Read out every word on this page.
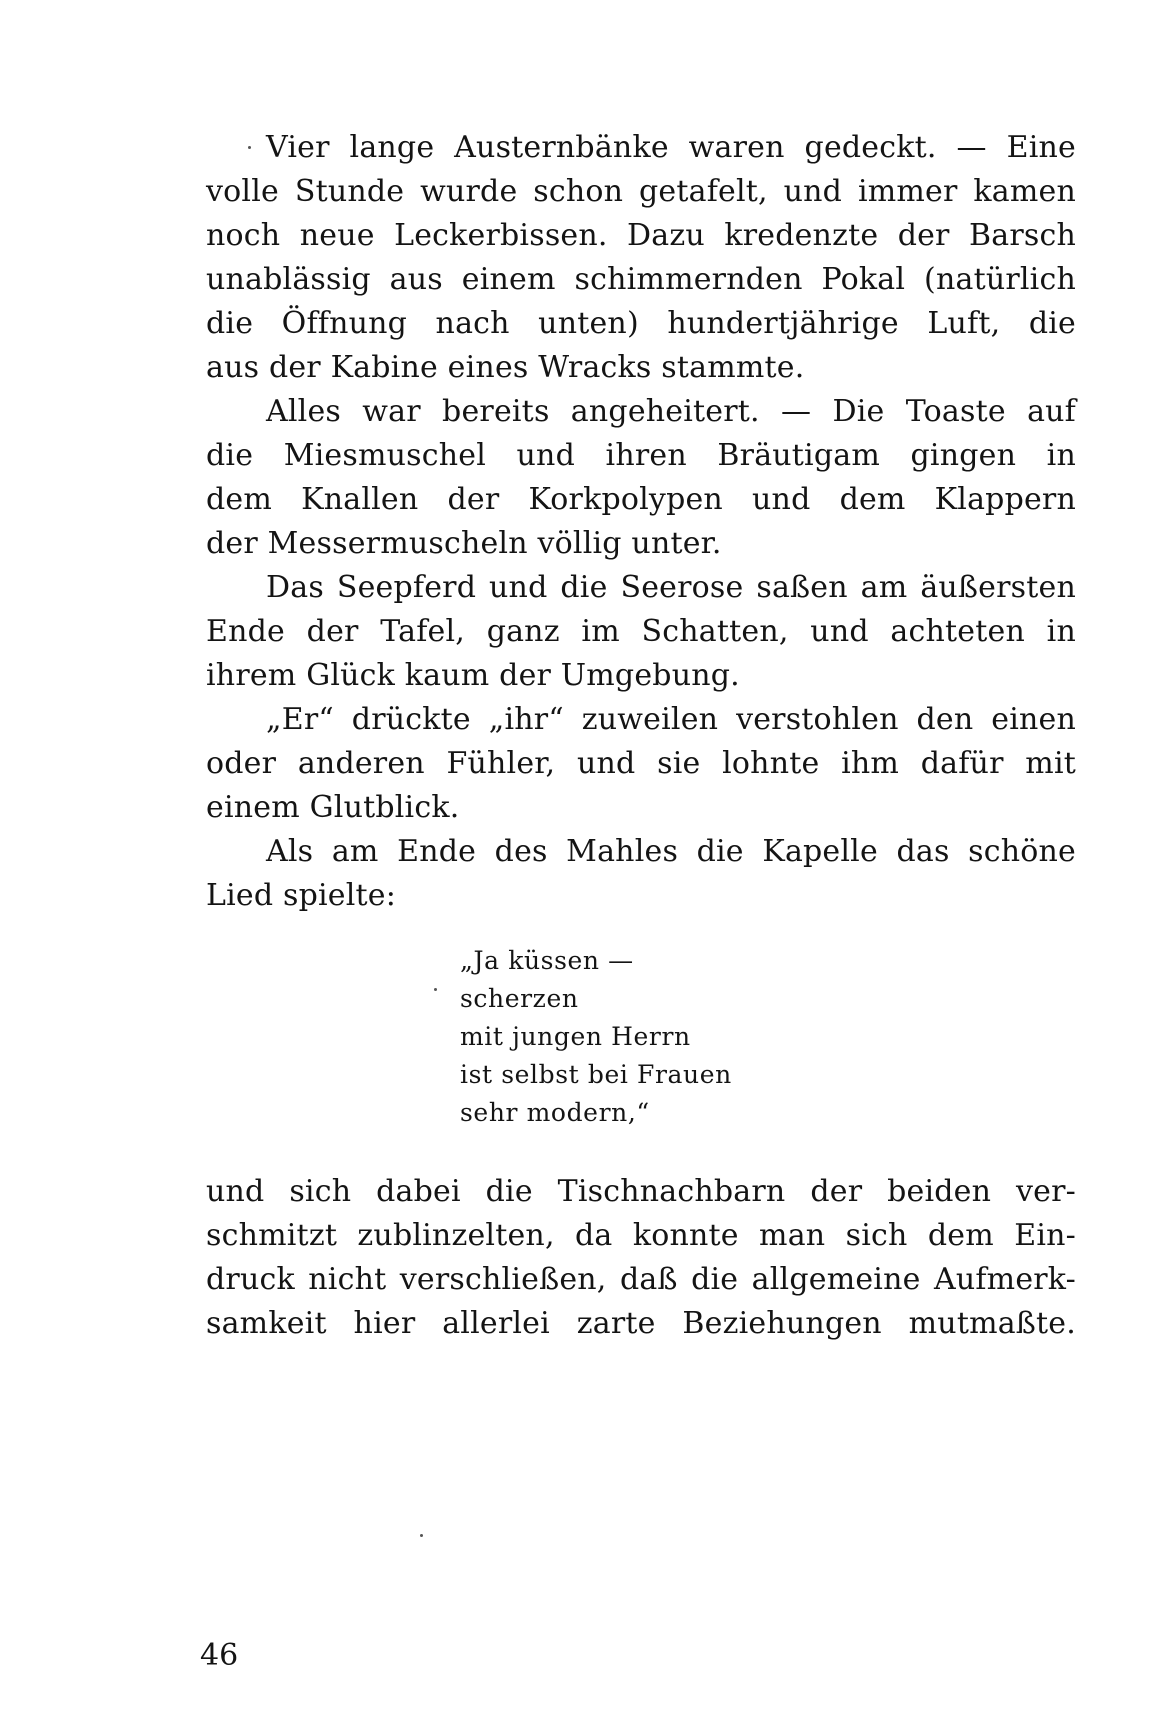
Vier lange Austernbänke waren gedeckt. — Eine
volle Stunde wurde schon getafelt, und immer kamen
noch neue Leckerbissen. Dazu kredenzte der Barsch
unablässig aus einem schimmernden Pokal (natürlich
die Öffnung nach unten) hundertjährige Luft, die
aus der Kabine eines Wracks stammte.
Alles war bereits angeheitert. — Die Toaste auf
die Miesmuschel und ihren Bräutigam gingen in
dem Knallen der Korkpolypen und dem Klappern
der Messermuscheln völlig unter.
Das Seepferd und die Seerose saßen am äußersten
Ende der Tafel, ganz im Schatten, und achteten in
ihrem Glück kaum der Umgebung.
„Er“ drückte „ihr“ zuweilen verstohlen den einen
oder anderen Fühler, und sie lohnte ihm dafür mit
einem Glutblick.
Als am Ende des Mahles die Kapelle das schöne
Lied spielte:
„Ja küssen —
scherzen
mit jungen Herrn
ist selbst bei Frauen
sehr modern,“
und sich dabei die Tischnachbarn der beiden ver-
schmitzt zublinzelten, da konnte man sich dem Ein-
druck nicht verschließen, daß die allgemeine Aufmerk-
samkeit hier allerlei zarte Beziehungen mutmaßte.
46
